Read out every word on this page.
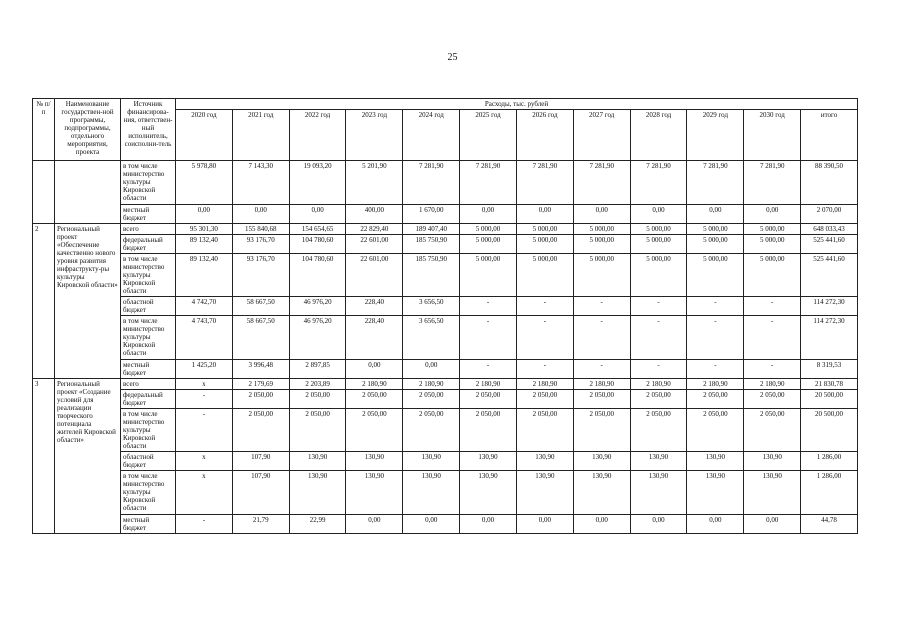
25
№ п/п	Наименование государствен-ной программы, подпрограммы, отдельного мероприятия, проекта	Источник финансирова-ния, ответствен-ный исполнитель, соисполни-тель	Расходы, тыс. рублей											
			2020 год	2021 год	2022 год	2023 год	2024 год	2025 год	2026 год	2027 год	2028 год	2029 год	2030 год	итого
		в том числе министерство культуры Кировской области	5 978,80	7 143,30	19 093,20	5 201,90	7 281,90	7 281,90	7 281,90	7 281,90	7 281,90	7 281,90	7 281,90	88 390,50
		местный бюджет	0,00	0,00	0,00	400,00	1 670,00	0,00	0,00	0,00	0,00	0,00	0,00	2 070,00
2	Региональный проект «Обеспечение качественно нового уровня развития инфраструкту-ры культуры Кировской области»	всего	95 301,30	155 840,68	154 654,65	22 829,40	189 407,40	5 000,00	5 000,00	5 000,00	5 000,00	5 000,00	5 000,00	648 033,43
		федеральный бюджет	89 132,40	93 176,70	104 780,60	22 601,00	185 750,90	5 000,00	5 000,00	5 000,00	5 000,00	5 000,00	5 000,00	525 441,60
		в том числе министерство культуры Кировской области	89 132,40	93 176,70	104 780,60	22 601,00	185 750,90	5 000,00	5 000,00	5 000,00	5 000,00	5 000,00	5 000,00	525 441,60
		областной бюджет	4 742,70	58 667,50	46 976,20	228,40	3 656,50	-	-	-	-	-	-	114 272,30
		в том числе министерство культуры Кировской области	4 743,70	58 667,50	46 976,20	228,40	3 656,50	-	-	-	-	-	-	114 272,30
		местный бюджет	1 425,20	3 996,48	2 897,85	0,00	0,00	-	-	-	-	-	-	8 319,53
3	Региональный проект «Создание условий для реализации творческого потенциала жителей Кировской области»	всего	х	2 179,69	2 203,89	2 180,90	2 180,90	2 180,90	2 180,90	2 180,90	2 180,90	2 180,90	2 180,90	21 830,78
		федеральный бюджет	-	2 050,00	2 050,00	2 050,00	2 050,00	2 050,00	2 050,00	2 050,00	2 050,00	2 050,00	2 050,00	20 500,00
		в том числе министерство культуры Кировской области	-	2 050,00	2 050,00	2 050,00	2 050,00	2 050,00	2 050,00	2 050,00	2 050,00	2 050,00	2 050,00	20 500,00
		областной бюджет	х	107,90	130,90	130,90	130,90	130,90	130,90	130,90	130,90	130,90	130,90	1 286,00
		в том числе министерство культуры Кировской области	х	107,90	130,90	130,90	130,90	130,90	130,90	130,90	130,90	130,90	130,90	1 286,00
		местный бюджет	-	21,79	22,99	0,00	0,00	0,00	0,00	0,00	0,00	0,00	0,00	44,78
